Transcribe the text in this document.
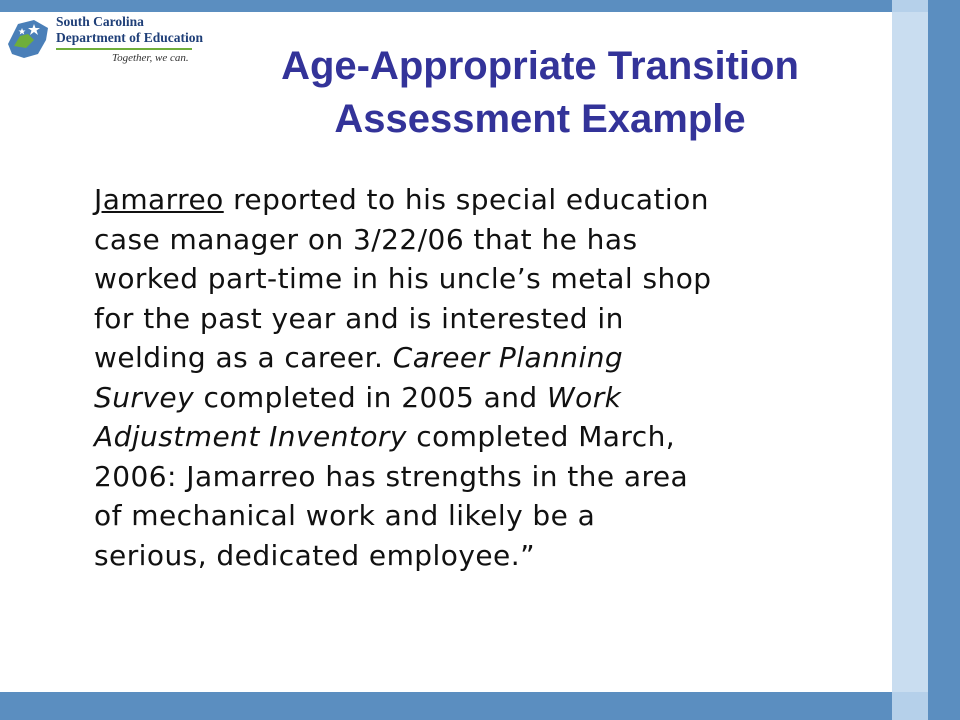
South Carolina
Department of Education
Together, we can.	Age-Appropriate Transition
Assessment Example
Jamarreo reported to his special education
case manager on 3/22/06 that he has
worked part-time in his uncle’s metal shop
for the past year and is interested in
welding as a career. Career Planning
Survey completed in 2005 and Work
Adjustment Inventory completed March,
2006: Jamarreo has strengths in the area
of mechanical work and likely be a
serious, dedicated employee.”
